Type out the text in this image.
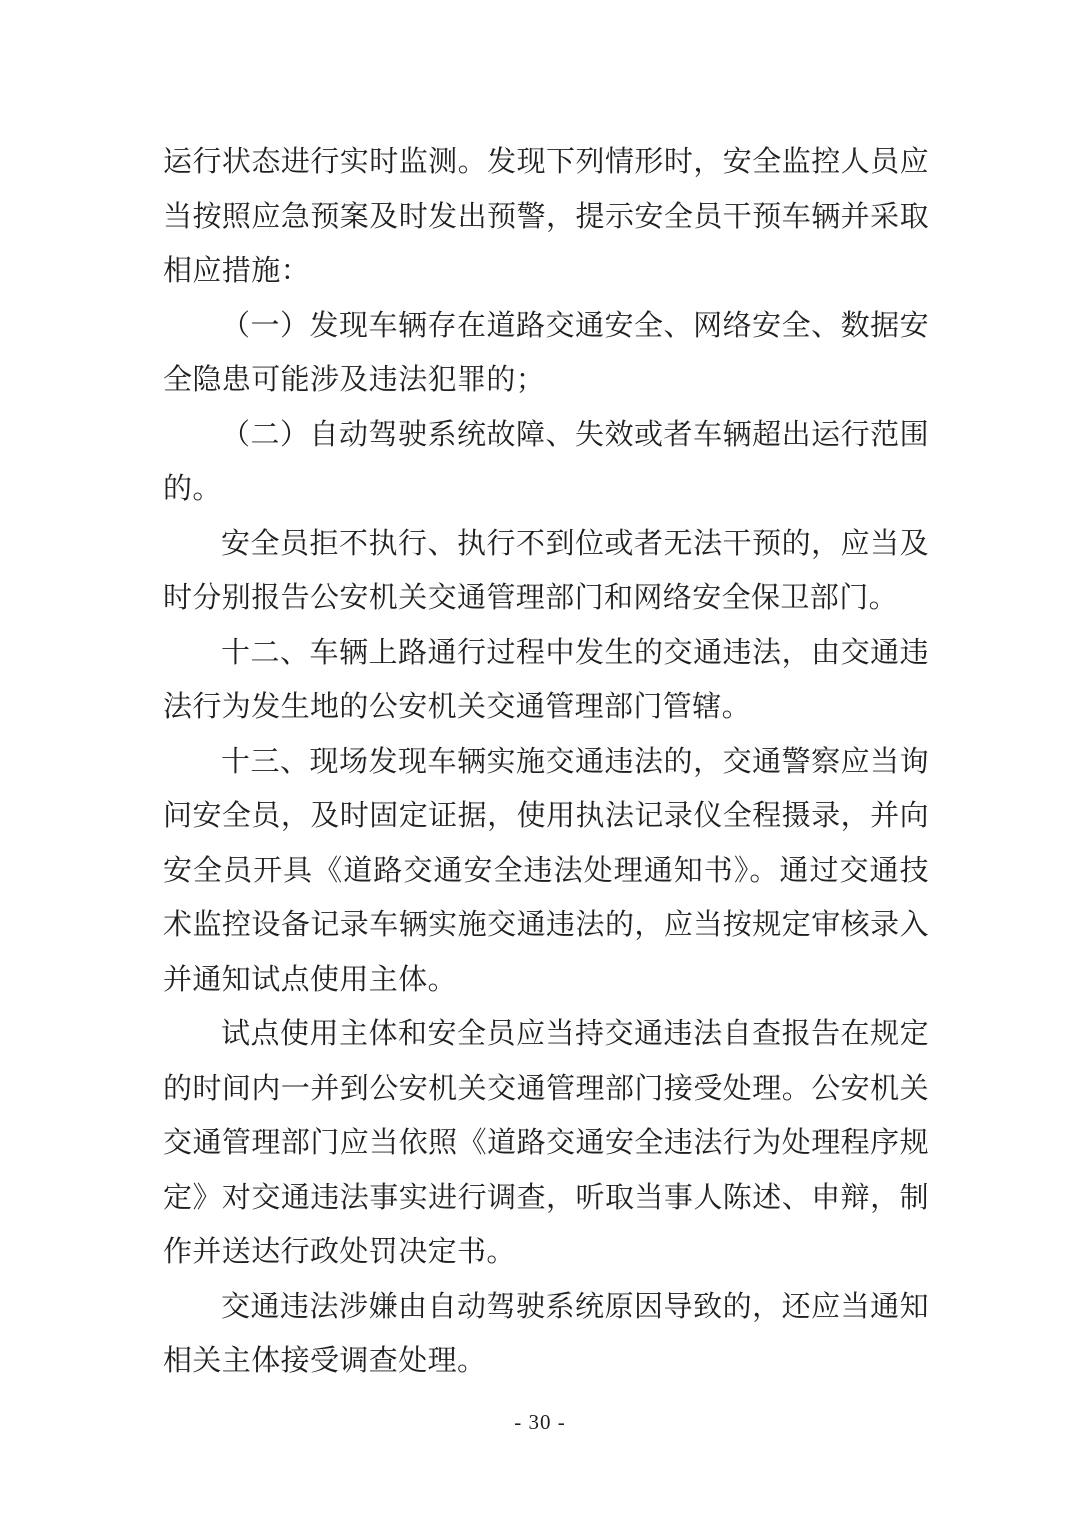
运行状态进行实时监测。发现下列情形时，安全监控人员应当按照应急预案及时发出预警，提示安全员干预车辆并采取相应措施：

（一）发现车辆存在道路交通安全、网络安全、数据安全隐患可能涉及违法犯罪的；

（二）自动驾驶系统故障、失效或者车辆超出运行范围的。

安全员拒不执行、执行不到位或者无法干预的，应当及时分别报告公安机关交通管理部门和网络安全保卫部门。

十二、车辆上路通行过程中发生的交通违法，由交通违法行为发生地的公安机关交通管理部门管辖。

十三、现场发现车辆实施交通违法的，交通警察应当询问安全员，及时固定证据，使用执法记录仪全程摄录，并向安全员开具《道路交通安全违法处理通知书》。通过交通技术监控设备记录车辆实施交通违法的，应当按规定审核录入并通知试点使用主体。

试点使用主体和安全员应当持交通违法自查报告在规定的时间内一并到公安机关交通管理部门接受处理。公安机关交通管理部门应当依照《道路交通安全违法行为处理程序规定》对交通违法事实进行调查，听取当事人陈述、申辩，制作并送达行政处罚决定书。

交通违法涉嫌由自动驾驶系统原因导致的，还应当通知相关主体接受调查处理。

- 30 -
